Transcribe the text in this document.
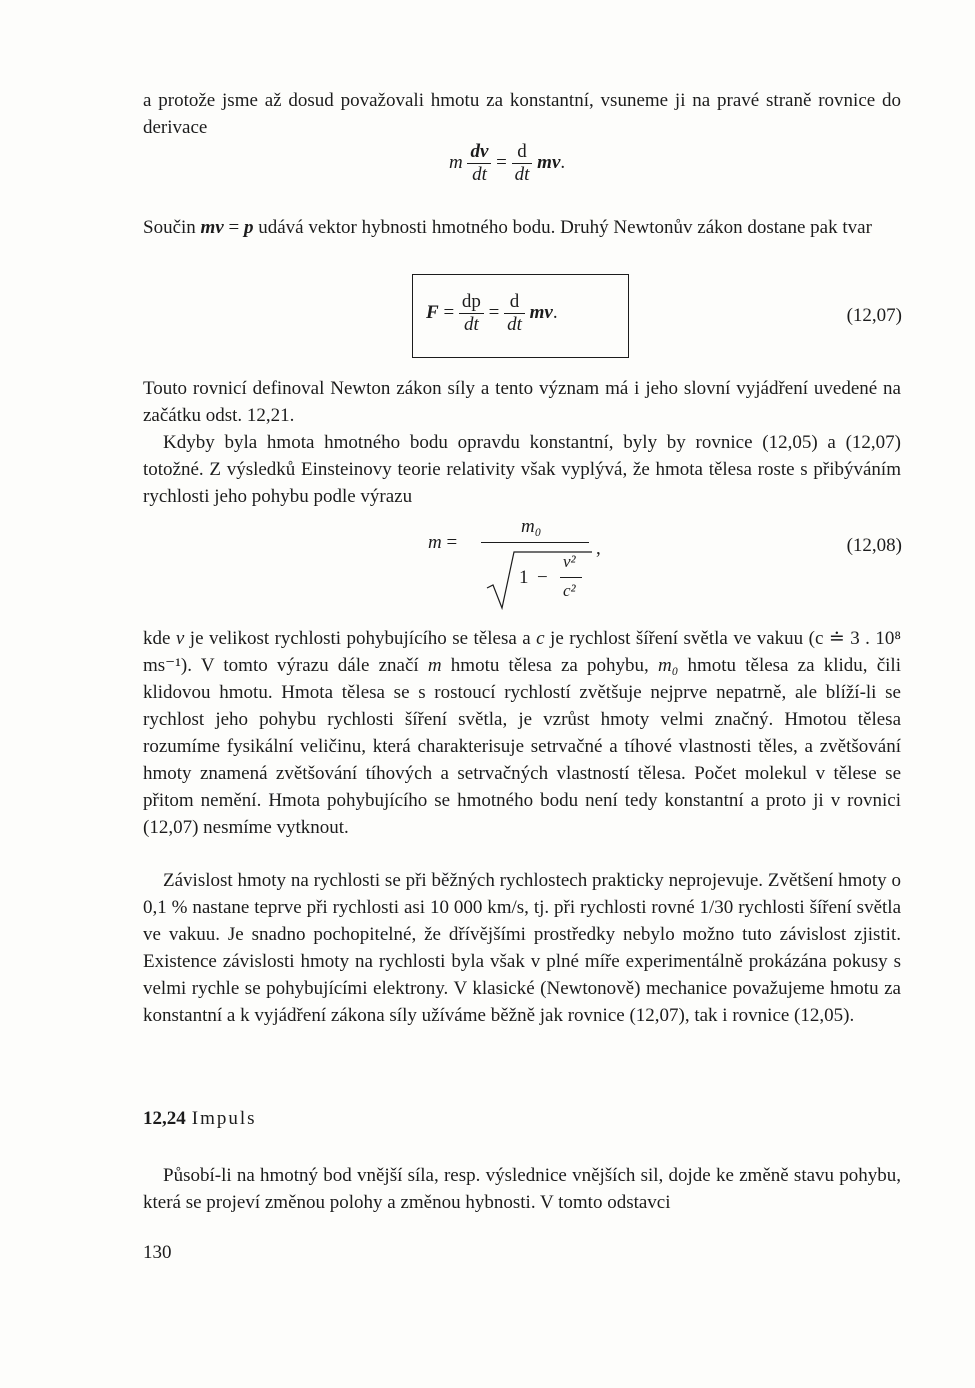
a protože jsme až dosud považovali hmotu za konstantní, vsuneme ji na pravé straně rovnice do derivace

m $\frac{dv}{dt} = \frac{d}{dt}$ mv.

Součin mv = p udává vektor hybnosti hmotného bodu. Druhý Newtonův zákon dostane pak tvar

$F = \frac{dp}{dt} = \frac{d}{dt}$ mv.	(12,07)

Touto rovnicí definoval Newton zákon síly a tento význam má i jeho slovní vyjádření uvedené na začátku odst. 12,21.

Kdyby byla hmota hmotného bodu opravdu konstantní, byly by rovnice (12,05) a (12,07) totožné. Z výsledků Einsteinovy teorie relativity však vyplývá, že hmota tělesa roste s přibýváním rychlosti jeho pohybu podle výrazu

m =
m₀
1 −
v²
c²
,	(12,08)

kde v je velikost rychlosti pohybujícího se tělesa a c je rychlost šíření světla ve vakuu (c ≐ 3 . 10⁸ ms⁻¹). V tomto výrazu dále značí m hmotu tělesa za pohybu, m₀ hmotu tělesa za klidu, čili klidovou hmotu. Hmota tělesa se s rostoucí rychlostí zvětšuje nejprve nepatrně, ale blíží-li se rychlost jeho pohybu rychlosti šíření světla, je vzrůst hmoty velmi značný. Hmotou tělesa rozumíme fysikální veličinu, která charakterisuje setrvačné a tíhové vlastnosti těles, a zvětšování hmoty znamená zvětšování tíhových a setrvačných vlastností tělesa. Počet molekul v tělese se přitom nemění. Hmota pohybujícího se hmotného bodu není tedy konstantní a proto ji v rovnici (12,07) nesmíme vytknout.

Závislost hmoty na rychlosti se při běžných rychlostech prakticky neprojevuje. Zvětšení hmoty o 0,1 % nastane teprve při rychlosti asi 10 000 km/s, tj. při rychlosti rovné 1/30 rychlosti šíření světla ve vakuu. Je snadno pochopitelné, že dřívějšími prostředky nebylo možno tuto závislost zjistit. Existence závislosti hmoty na rychlosti byla však v plné míře experimentálně prokázána pokusy s velmi rychle se pohybujícími elektrony. V klasické (Newtonově) mechanice považujeme hmotu za konstantní a k vyjádření zákona síly užíváme běžně jak rovnice (12,07), tak i rovnice (12,05).

12,24 Impuls

Působí-li na hmotný bod vnější síla, resp. výslednice vnějších sil, dojde ke změně stavu pohybu, která se projeví změnou polohy a změnou hybnosti. V tomto odstavci

130
